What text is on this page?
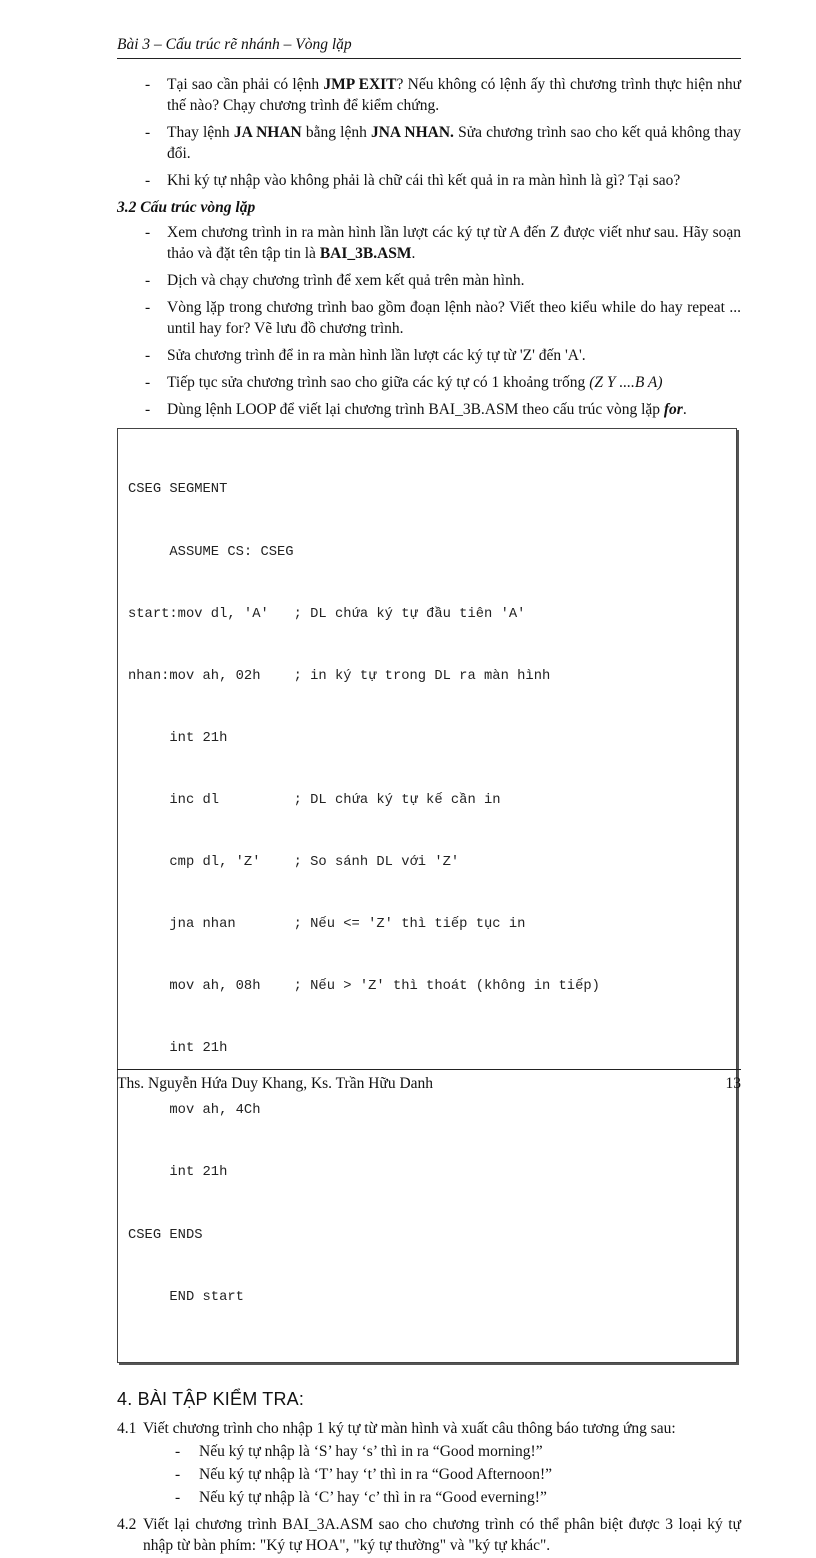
Bài 3 – Cấu trúc rẽ nhánh – Vòng lặp
- Tại sao cần phải có lệnh JMP EXIT? Nếu không có lệnh ấy thì chương trình thực hiện như thế nào? Chạy chương trình để kiểm chứng.
- Thay lệnh JA NHAN bằng lệnh JNA NHAN. Sửa chương trình sao cho kết quả không thay đổi.
- Khi ký tự nhập vào không phải là chữ cái thì kết quả in ra màn hình là gì? Tại sao?
3.2 Cấu trúc vòng lặp
- Xem chương trình in ra màn hình lần lượt các ký tự từ A đến Z được viết như sau. Hãy soạn thảo và đặt tên tập tin là BAI_3B.ASM.
- Dịch và chạy chương trình để xem kết quả trên màn hình.
- Vòng lặp trong chương trình bao gồm đoạn lệnh nào? Viết theo kiểu while do hay repeat ... until hay for? Vẽ lưu đồ chương trình.
- Sửa chương trình để in ra màn hình lần lượt các ký tự từ 'Z' đến 'A'.
- Tiếp tục sửa chương trình sao cho giữa các ký tự có 1 khoảng trống (Z Y ....B A)
- Dùng lệnh LOOP để viết lại chương trình BAI_3B.ASM theo cấu trúc vòng lặp for.

CSEG SEGMENT

ASSUME CS: CSEG

start:mov dl, 'A'   ; DL chứa ký tự đầu tiên 'A'

nhan:mov ah, 02h    ; in ký tự trong DL ra màn hình

int 21h

inc dl         ; DL chứa ký tự kế cần in

cmp dl, 'Z'    ; So sánh DL với 'Z'

jna nhan       ; Nếu <= 'Z' thì tiếp tục in

mov ah, 08h    ; Nếu > 'Z' thì thoát (không in tiếp)

int 21h

mov ah, 4Ch

int 21h

CSEG ENDS

END start

4. BÀI TẬP KIỂM TRA:
4.1 Viết chương trình cho nhập 1 ký tự từ màn hình và xuất câu thông báo tương ứng sau:
- Nếu ký tự nhập là ‘S’ hay ‘s’ thì in ra “Good morning!”
- Nếu ký tự nhập là ‘T’ hay ‘t’ thì in ra “Good Afternoon!”
- Nếu ký tự nhập là ‘C’ hay ‘c’ thì in ra “Good everning!”
4.2 Viết lại chương trình BAI_3A.ASM sao cho chương trình có thể phân biệt được 3 loại ký tự nhập từ bàn phím: "Ký tự HOA", "ký tự thường" và "ký tự khác".
Ths. Nguyễn Hứa Duy Khang, Ks. Trần Hữu Danh	13
